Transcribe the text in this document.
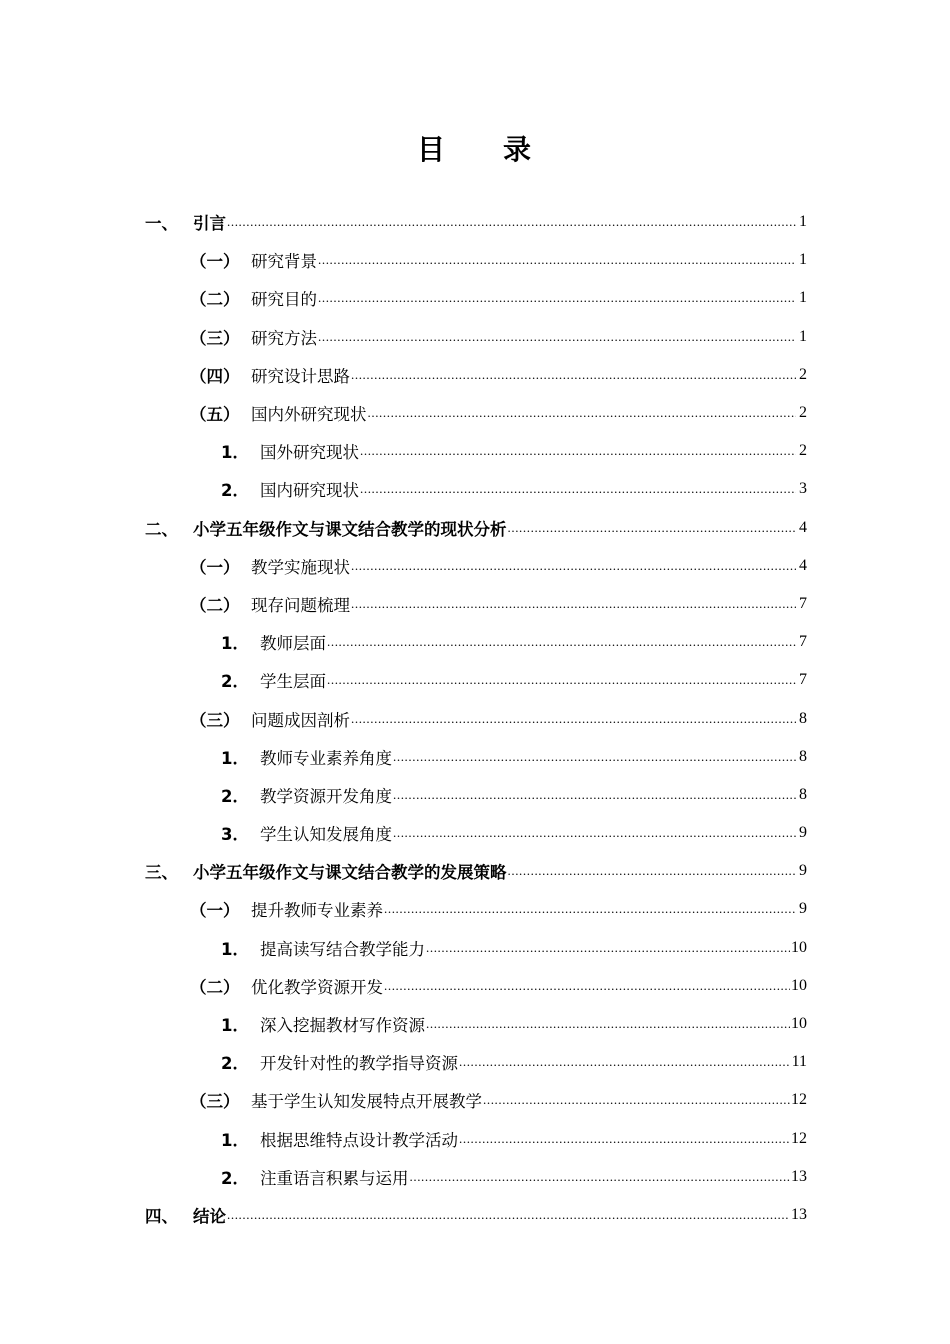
目 录
一、 引言 .....	1
（一） 研究背景 .....	1
（二） 研究目的 .....	1
（三） 研究方法 .....	1
（四） 研究设计思路 .....	2
（五） 国内外研究现状 .....	2
1． 国外研究现状 .....	2
2． 国内研究现状 .....	3
二、 小学五年级作文与课文结合教学的现状分析 .....	4
（一） 教学实施现状 .....	4
（二） 现存问题梳理 .....	7
1． 教师层面 .....	7
2． 学生层面 .....	7
（三） 问题成因剖析 .....	8
1． 教师专业素养角度 .....	8
2． 教学资源开发角度 .....	8
3． 学生认知发展角度 .....	9
三、 小学五年级作文与课文结合教学的发展策略 .....	9
（一） 提升教师专业素养 .....	9
1． 提高读写结合教学能力 .....	10
（二） 优化教学资源开发 .....	10
1． 深入挖掘教材写作资源 .....	10
2． 开发针对性的教学指导资源 .....	11
（三） 基于学生认知发展特点开展教学 .....	12
1． 根据思维特点设计教学活动 .....	12
2． 注重语言积累与运用 .....	13
四、 结论 .....	13
